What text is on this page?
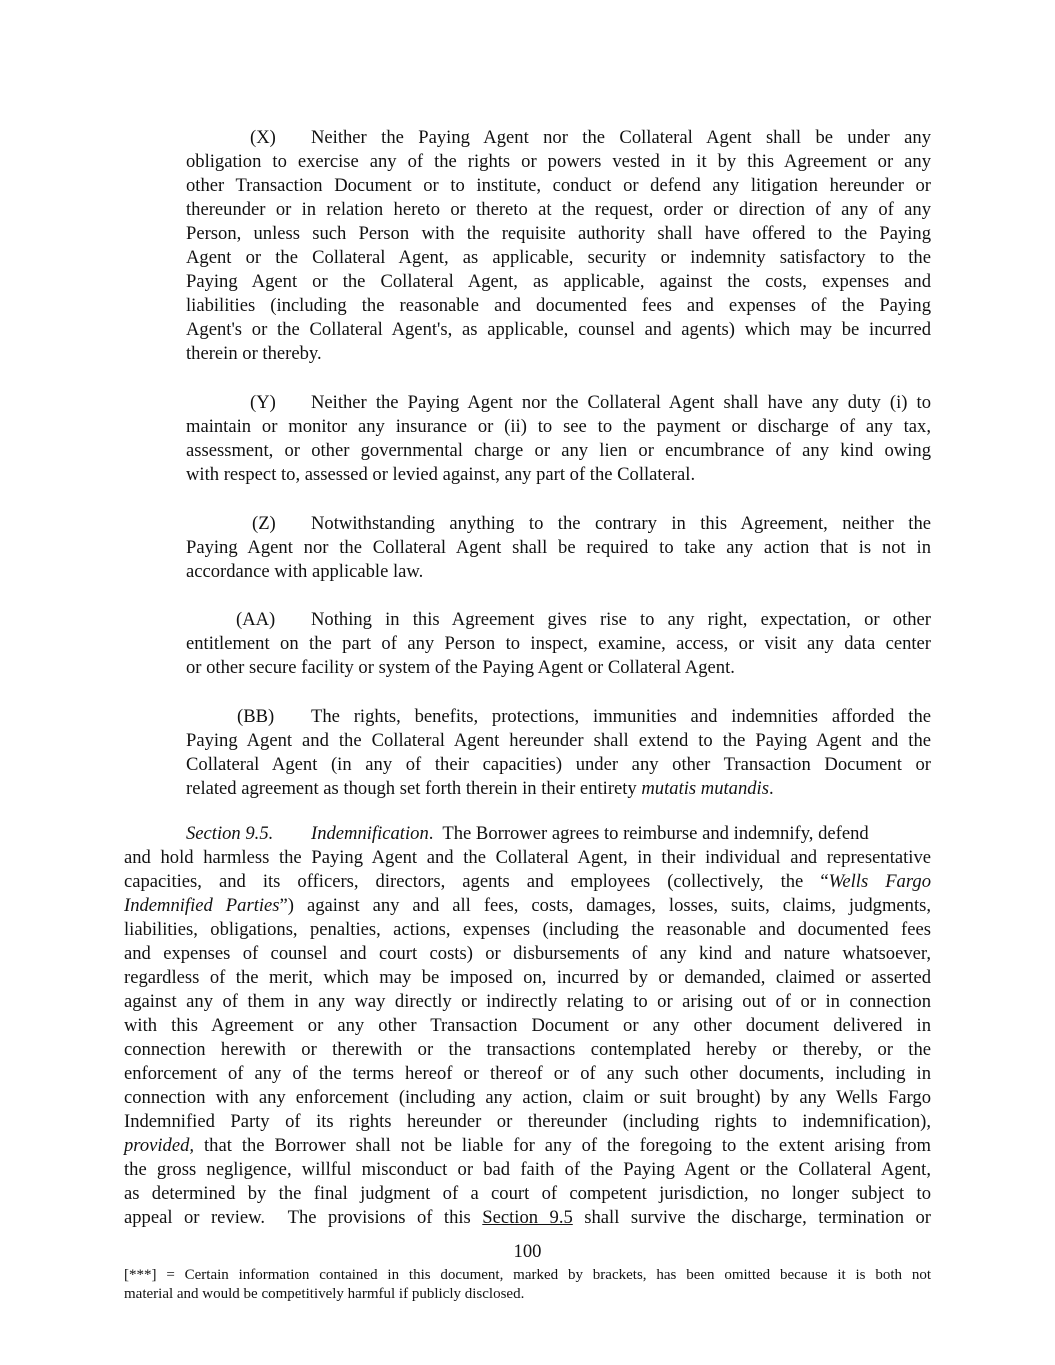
(X) Neither the Paying Agent nor the Collateral Agent shall be under any
obligation to exercise any of the rights or powers vested in it by this Agreement or any
other Transaction Document or to institute, conduct or defend any litigation hereunder or
thereunder or in relation hereto or thereto at the request, order or direction of any of any
Person, unless such Person with the requisite authority shall have offered to the Paying
Agent or the Collateral Agent, as applicable, security or indemnity satisfactory to the
Paying Agent or the Collateral Agent, as applicable, against the costs, expenses and
liabilities (including the reasonable and documented fees and expenses of the Paying
Agent's or the Collateral Agent's, as applicable, counsel and agents) which may be incurred
therein or thereby.
(Y) Neither the Paying Agent nor the Collateral Agent shall have any duty (i) to
maintain or monitor any insurance or (ii) to see to the payment or discharge of any tax,
assessment, or other governmental charge or any lien or encumbrance of any kind owing
with respect to, assessed or levied against, any part of the Collateral.
(Z) Notwithstanding anything to the contrary in this Agreement, neither the
Paying Agent nor the Collateral Agent shall be required to take any action that is not in
accordance with applicable law.
(AA) Nothing in this Agreement gives rise to any right, expectation, or other
entitlement on the part of any Person to inspect, examine, access, or visit any data center
or other secure facility or system of the Paying Agent or Collateral Agent.
(BB) The rights, benefits, protections, immunities and indemnities afforded the
Paying Agent and the Collateral Agent hereunder shall extend to the Paying Agent and the
Collateral Agent (in any of their capacities) under any other Transaction Document or
related agreement as though set forth therein in their entirety mutatis mutandis.
Section 9.5. Indemnification. The Borrower agrees to reimburse and indemnify, defend
and hold harmless the Paying Agent and the Collateral Agent, in their individual and representative
capacities, and its officers, directors, agents and employees (collectively, the “Wells Fargo
Indemnified Parties”) against any and all fees, costs, damages, losses, suits, claims, judgments,
liabilities, obligations, penalties, actions, expenses (including the reasonable and documented fees
and expenses of counsel and court costs) or disbursements of any kind and nature whatsoever,
regardless of the merit, which may be imposed on, incurred by or demanded, claimed or asserted
against any of them in any way directly or indirectly relating to or arising out of or in connection
with this Agreement or any other Transaction Document or any other document delivered in
connection herewith or therewith or the transactions contemplated hereby or thereby, or the
enforcement of any of the terms hereof or thereof or of any such other documents, including in
connection with any enforcement (including any action, claim or suit brought) by any Wells Fargo
Indemnified Party of its rights hereunder or thereunder (including rights to indemnification),
provided, that the Borrower shall not be liable for any of the foregoing to the extent arising from
the gross negligence, willful misconduct or bad faith of the Paying Agent or the Collateral Agent,
as determined by the final judgment of a court of competent jurisdiction, no longer subject to
appeal or review.  The provisions of this Section 9.5 shall survive the discharge, termination or
100
[***] = Certain information contained in this document, marked by brackets, has been omitted because it is both not
material and would be competitively harmful if publicly disclosed.
